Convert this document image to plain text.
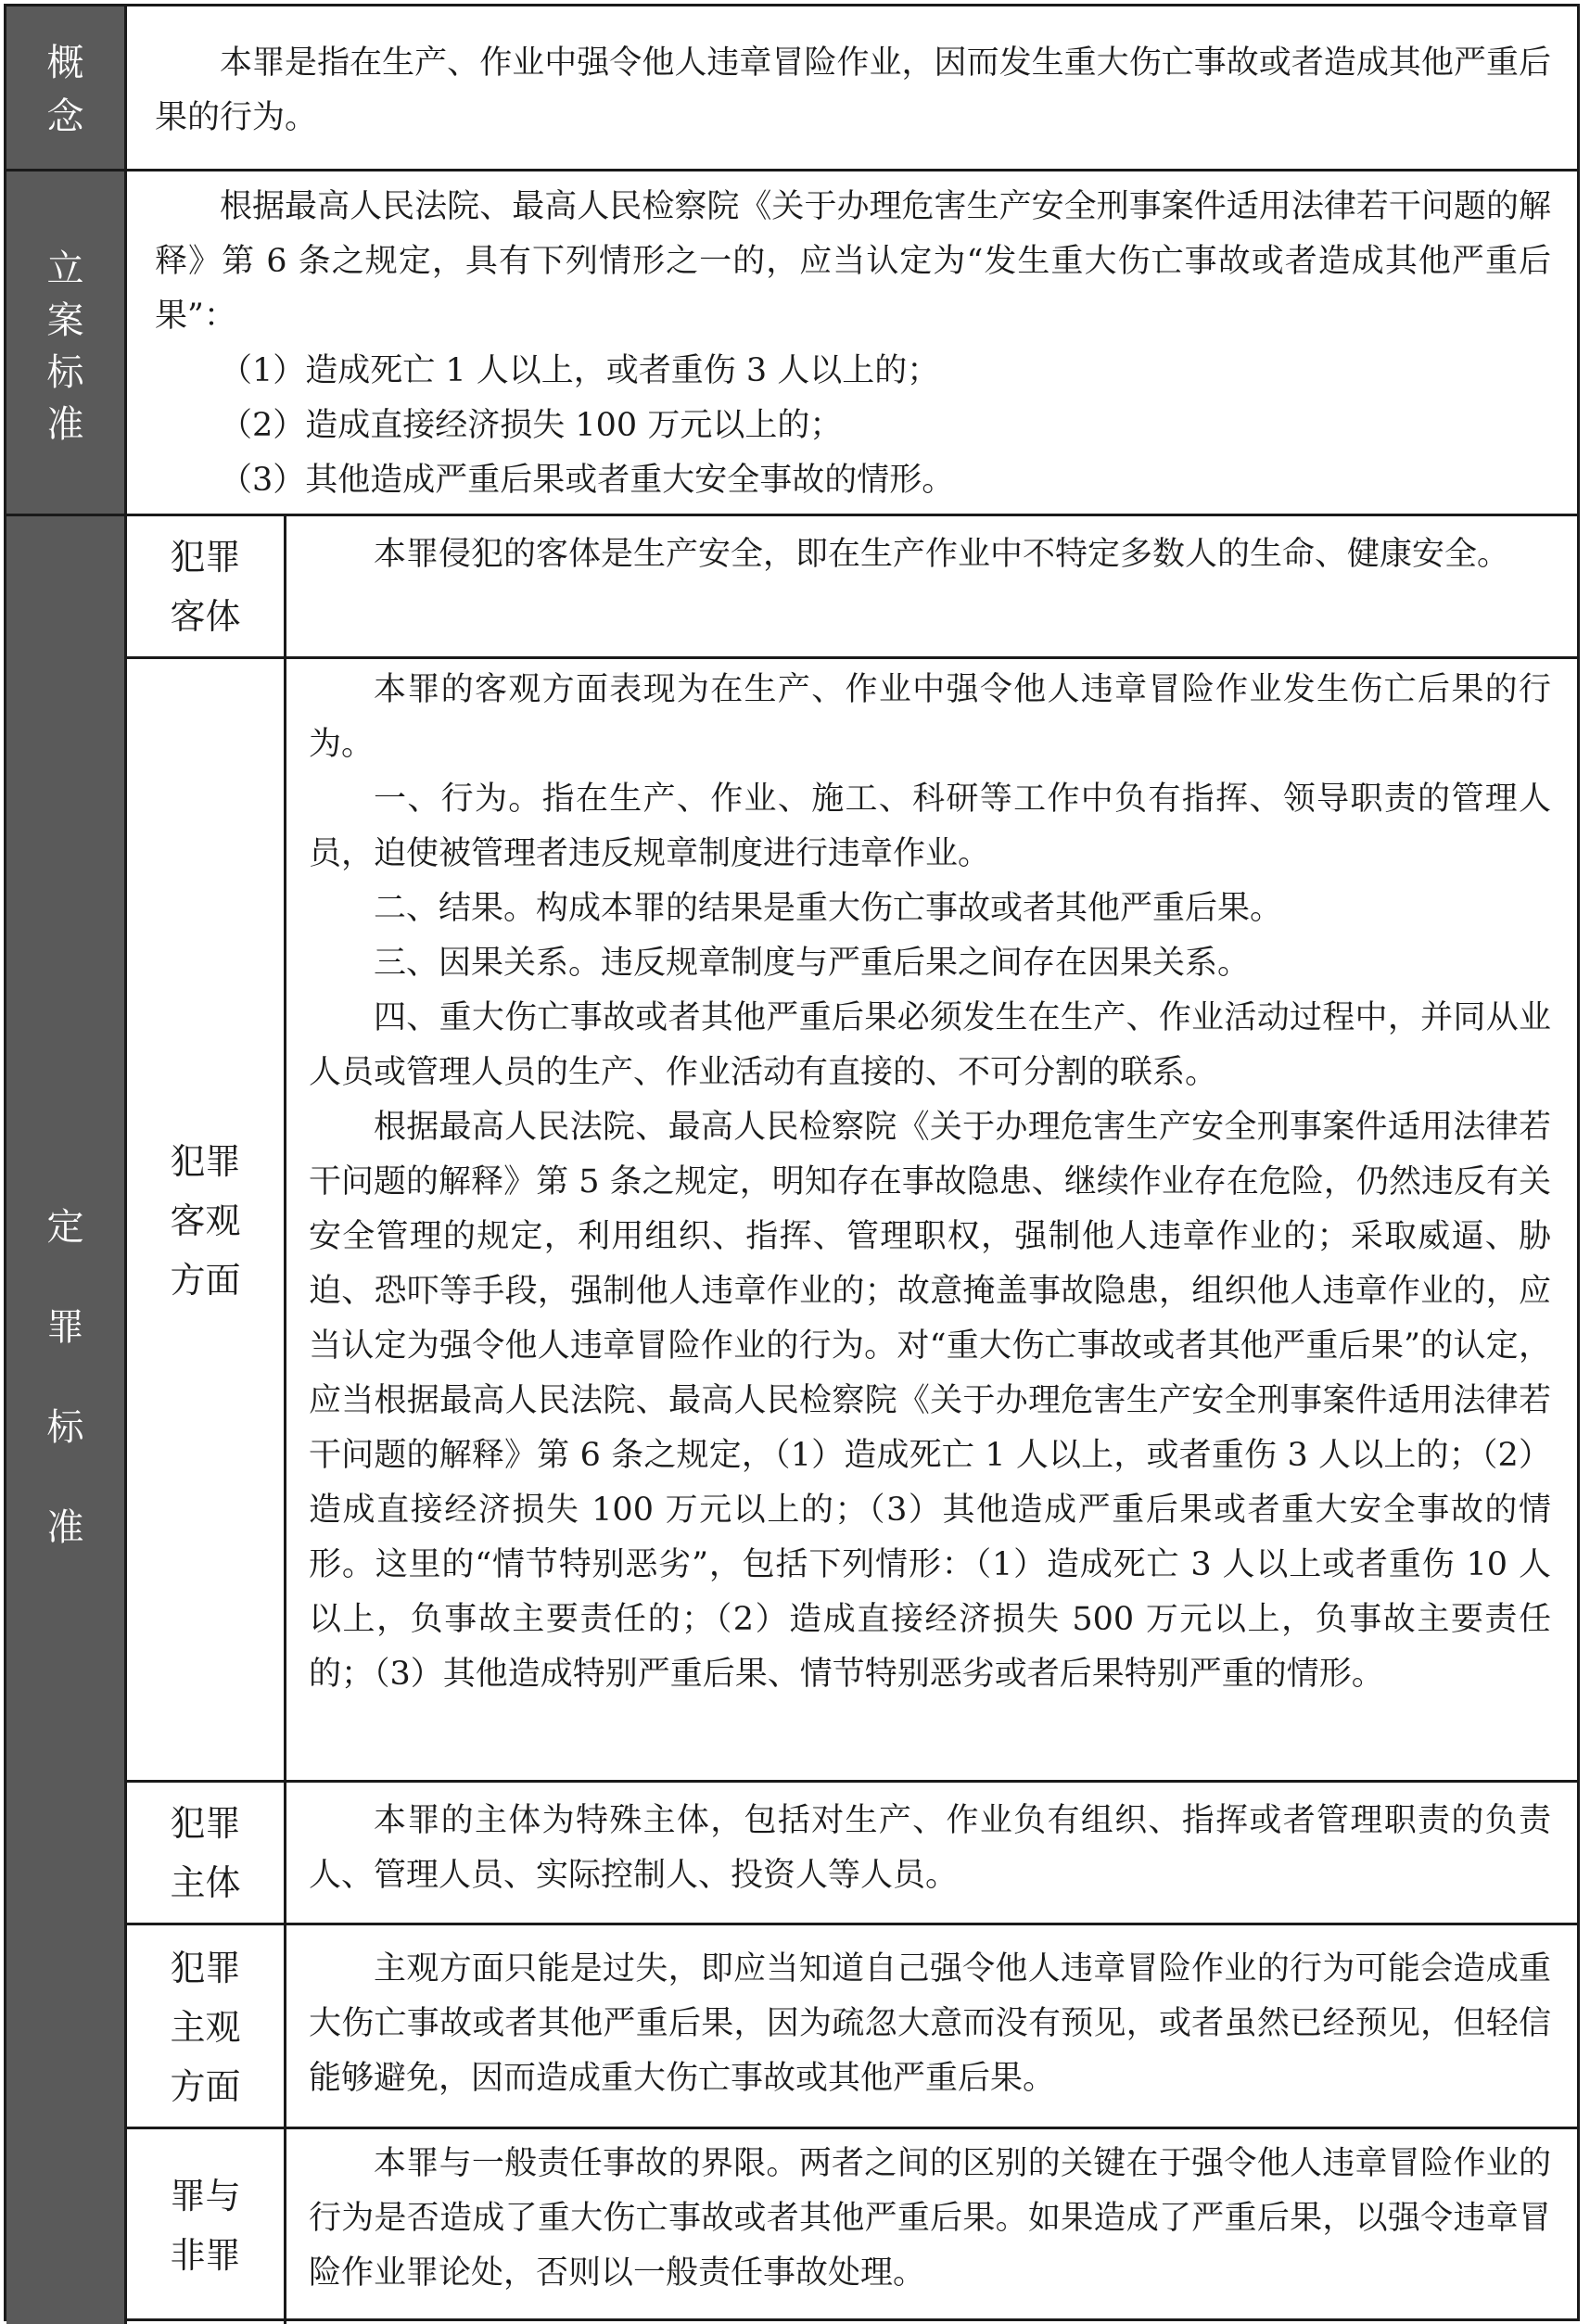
概
念

本罪是指在生产、作业中强令他人违章冒险作业，因而发生重大伤亡事故或者造成其他严重后果的行为。

立
案
标
准

根据最高人民法院、最高人民检察院《关于办理危害生产安全刑事案件适用法律若干问题的解释》第 6 条之规定，具有下列情形之一的，应当认定为“发生重大伤亡事故或者造成其他严重后果”：

（1）造成死亡 1 人以上，或者重伤 3 人以上的；

（2）造成直接经济损失 100 万元以上的；

（3）其他造成严重后果或者重大安全事故的情形。

定
罪
标
准
犯罪
客体

本罪侵犯的客体是生产安全，即在生产作业中不特定多数人的生命、健康安全。

犯罪
客观
方面

本罪的客观方面表现为在生产、作业中强令他人违章冒险作业发生伤亡后果的行为。

一、行为。指在生产、作业、施工、科研等工作中负有指挥、领导职责的管理人员，迫使被管理者违反规章制度进行违章作业。

二、结果。构成本罪的结果是重大伤亡事故或者其他严重后果。

三、因果关系。违反规章制度与严重后果之间存在因果关系。

四、重大伤亡事故或者其他严重后果必须发生在生产、作业活动过程中，并同从业人员或管理人员的生产、作业活动有直接的、不可分割的联系。

根据最高人民法院、最高人民检察院《关于办理危害生产安全刑事案件适用法律若干问题的解释》第 5 条之规定，明知存在事故隐患、继续作业存在危险，仍然违反有关安全管理的规定，利用组织、指挥、管理职权，强制他人违章作业的；采取威逼、胁迫、恐吓等手段，强制他人违章作业的；故意掩盖事故隐患，组织他人违章作业的，应当认定为强令他人违章冒险作业的行为。对“重大伤亡事故或者其他严重后果”的认定，应当根据最高人民法院、最高人民检察院《关于办理危害生产安全刑事案件适用法律若干问题的解释》第 6 条之规定，（1）造成死亡 1 人以上，或者重伤 3 人以上的；（2）造成直接经济损失 100 万元以上的；（3）其他造成严重后果或者重大安全事故的情形。这里的“情节特别恶劣”，包括下列情形：（1）造成死亡 3 人以上或者重伤 10 人以上，负事故主要责任的；（2）造成直接经济损失 500 万元以上，负事故主要责任的；（3）其他造成特别严重后果、情节特别恶劣或者后果特别严重的情形。

犯罪
主体

本罪的主体为特殊主体，包括对生产、作业负有组织、指挥或者管理职责的负责人、管理人员、实际控制人、投资人等人员。

犯罪
主观
方面

主观方面只能是过失，即应当知道自己强令他人违章冒险作业的行为可能会造成重大伤亡事故或者其他严重后果，因为疏忽大意而没有预见，或者虽然已经预见，但轻信能够避免，因而造成重大伤亡事故或其他严重后果。

罪与
非罪

本罪与一般责任事故的界限。两者之间的区别的关键在于强令他人违章冒险作业的行为是否造成了重大伤亡事故或者其他严重后果。如果造成了严重后果，以强令违章冒险作业罪论处，否则以一般责任事故处理。
